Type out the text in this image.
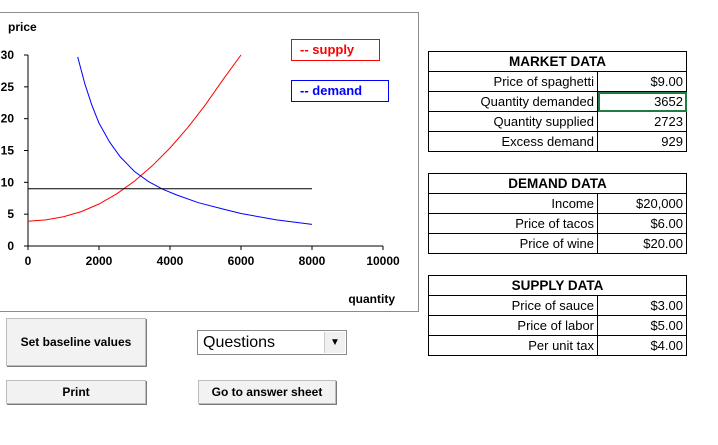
0
5
10
15
20
25
30
0	2000	4000	6000	8000	10000
price
quantity
-- supply
-- demand
MARKET DATA	
Price of spaghetti	$9.00
Quantity demanded	3652
Quantity supplied	2723
Excess demand	929
DEMAND DATA	
Income	$20,000
Price of tacos	$6.00
Price of wine	$20.00
SUPPLY DATA	
Price of sauce	$3.00
Price of labor	$5.00
Per unit tax	$4.00
Set baseline values
Print	Go to answer sheet
Questions	▼
